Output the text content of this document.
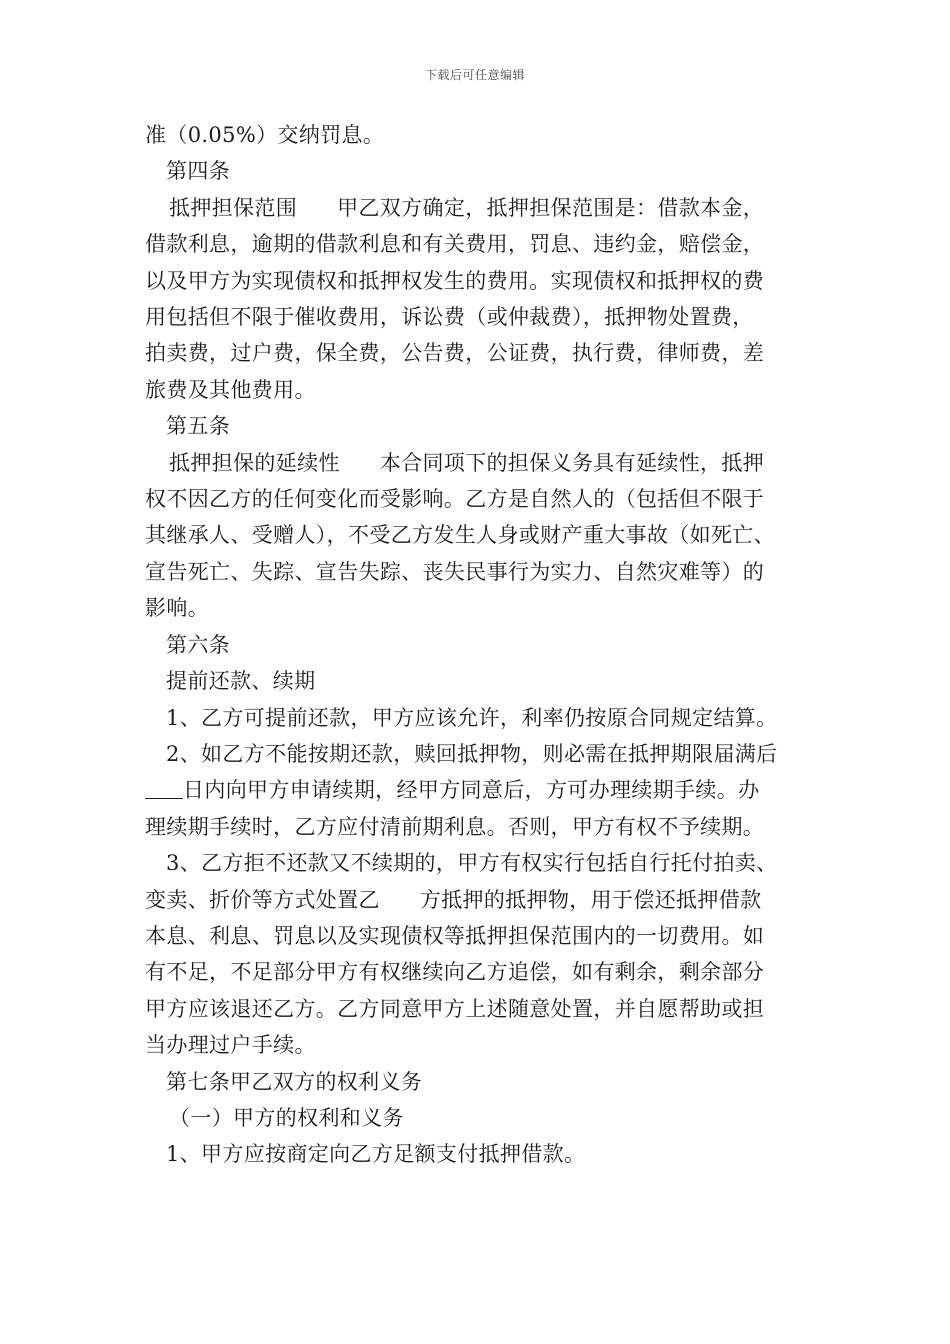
下载后可任意编辑
准（0.05%）交纳罚息。
第四条
抵押担保范围 甲乙双方确定，抵押担保范围是：借款本金，
借款利息，逾期的借款利息和有关费用，罚息、违约金，赔偿金，
以及甲方为实现债权和抵押权发生的费用。实现债权和抵押权的费
用包括但不限于催收费用，诉讼费（或仲裁费），抵押物处置费，
拍卖费，过户费，保全费，公告费，公证费，执行费，律师费，差
旅费及其他费用。
第五条
抵押担保的延续性 本合同项下的担保义务具有延续性，抵押
权不因乙方的任何变化而受影响。乙方是自然人的（包括但不限于
其继承人、受赠人），不受乙方发生人身或财产重大事故（如死亡、
宣告死亡、失踪、宣告失踪、丧失民事行为实力、自然灾难等）的
影响。
第六条
提前还款、续期
1、乙方可提前还款，甲方应该允许，利率仍按原合同规定结算。
2、如乙方不能按期还款，赎回抵押物，则必需在抵押期限届满后
日内向甲方申请续期，经甲方同意后，方可办理续期手续。办
理续期手续时，乙方应付清前期利息。否则，甲方有权不予续期。
3、乙方拒不还款又不续期的，甲方有权实行包括自行托付拍卖、
变卖、折价等方式处置乙 方抵押的抵押物，用于偿还抵押借款
本息、利息、罚息以及实现债权等抵押担保范围内的一切费用。如
有不足，不足部分甲方有权继续向乙方追偿，如有剩余，剩余部分
甲方应该退还乙方。乙方同意甲方上述随意处置，并自愿帮助或担
当办理过户手续。
第七条甲乙双方的权利义务
（一）甲方的权利和义务
1、甲方应按商定向乙方足额支付抵押借款。
